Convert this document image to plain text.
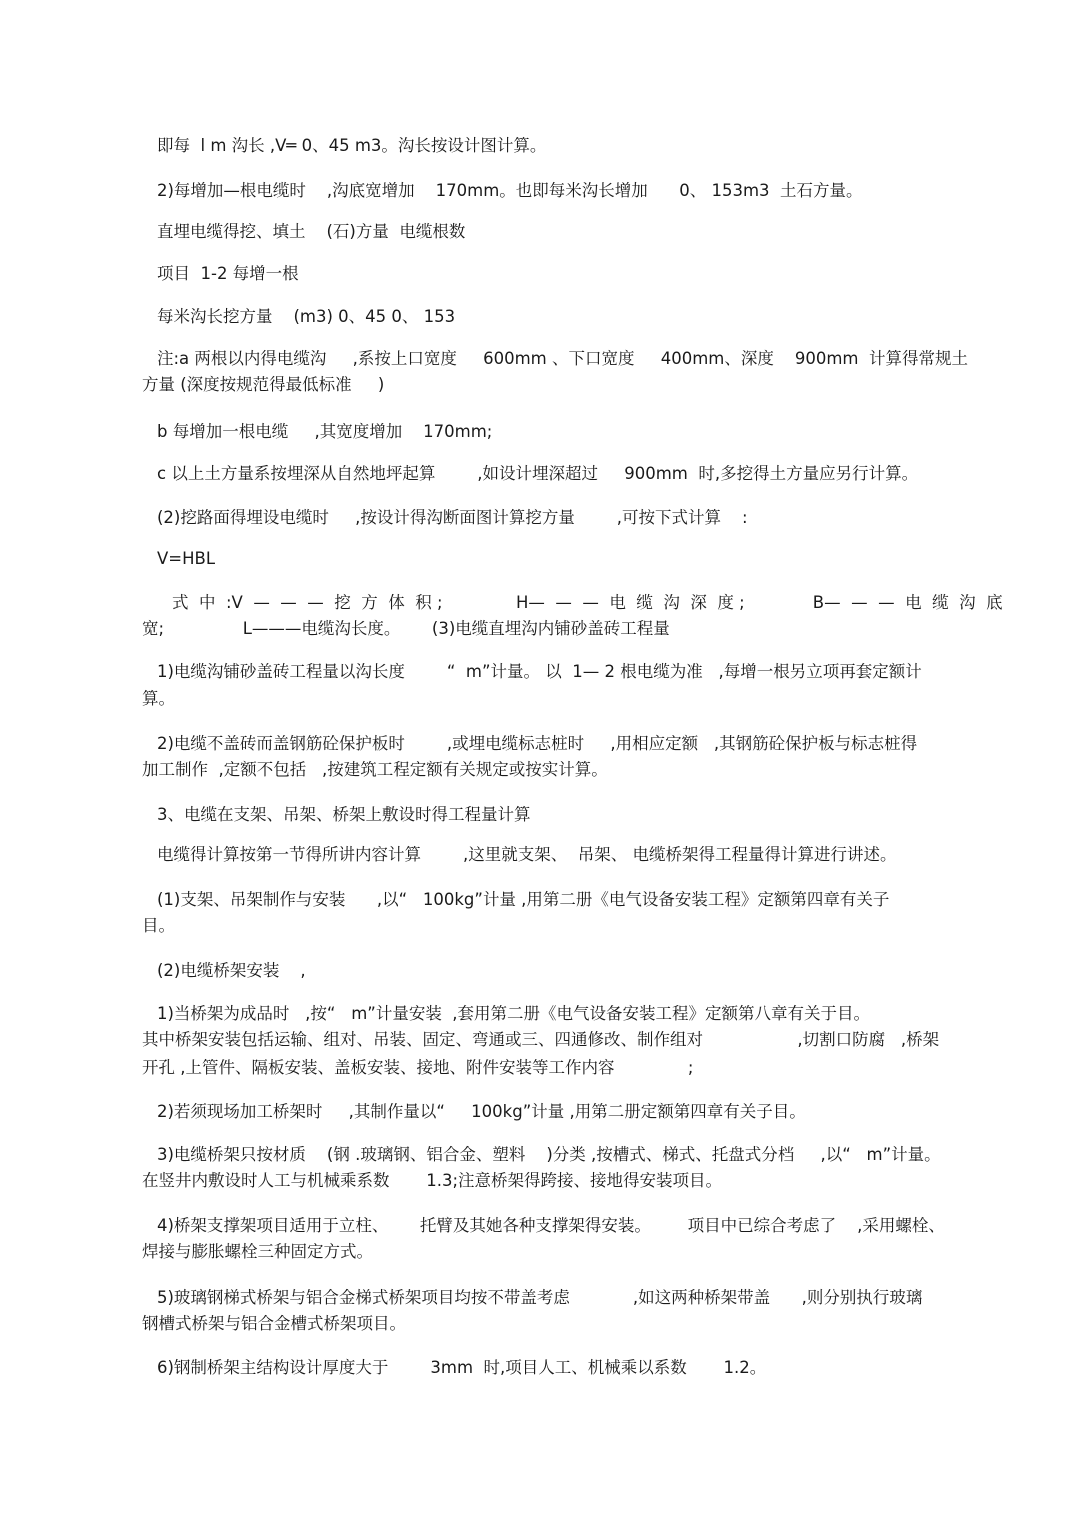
即每  l m 沟长 ,V═ 0、45 m3。沟长按设计图计算。

2)每增加—根电缆时    ,沟底宽增加    170mm。也即每米沟长增加      0、 153m3  土石方量。

直埋电缆得挖、填土    (石)方量  电缆根数

项目  1-2 每增一根

每米沟长挖方量    (m3) 0、45 0、 153

注:a 两根以内得电缆沟     ,系按上口宽度     600mm 、下口宽度     400mm、深度    900mm  计算得常规土

方量 (深度按规范得最低标准     )

b 每增加一根电缆     ,其宽度增加    170mm;

c 以上土方量系按埋深从自然地坪起算        ,如设计埋深超过     900mm  时,多挖得土方量应另行计算。

(2)挖路面得埋设电缆时     ,按设计得沟断面图计算挖方量        ,可按下式计算    :

V=HBL

式  中  :V  —  —  —  挖  方  体  积 ;              H—  —  —  电  缆  沟  深  度 ;             B—  —  —  电  缆  沟  底

宽;               L———电缆沟长度。      (3)电缆直埋沟内铺砂盖砖工程量

1)电缆沟铺砂盖砖工程量以沟长度        “  m”计量。 以  1— 2 根电缆为准   ,每增一根另立项再套定额计

算。

2)电缆不盖砖而盖钢筋砼保护板时        ,或埋电缆标志桩时     ,用相应定额   ,其钢筋砼保护板与标志桩得

加工制作  ,定额不包括   ,按建筑工程定额有关规定或按实计算。

3、电缆在支架、吊架、桥架上敷设时得工程量计算

电缆得计算按第一节得所讲内容计算        ,这里就支架、  吊架、 电缆桥架得工程量得计算进行讲述。

(1)支架、吊架制作与安装      ,以“   100kg”计量 ,用第二册《电气设备安装工程》定额第四章有关子

目。

(2)电缆桥架安装    ,

1)当桥架为成品时   ,按“   m”计量安装  ,套用第二册《电气设备安装工程》定额第八章有关于目。

其中桥架安装包括运输、组对、吊装、固定、弯通或三、四通修改、制作组对                  ,切割口防腐   ,桥架

开孔 ,上管件、隔板安装、盖板安装、接地、附件安装等工作内容              ;

2)若须现场加工桥架时     ,其制作量以“     100kg”计量 ,用第二册定额第四章有关子目。

3)电缆桥架只按材质    (钢 .玻璃钢、铝合金、塑料    )分类 ,按槽式、梯式、托盘式分档     ,以“   m”计量。

在竖井内敷设时人工与机械乘系数       1.3;注意桥架得跨接、接地得安装项目。

4)桥架支撑架项目适用于立柱、      托臂及其她各种支撑架得安装。       项目中已综合考虑了    ,采用螺栓、

焊接与膨胀螺栓三种固定方式。

5)玻璃钢梯式桥架与铝合金梯式桥架项目均按不带盖考虑            ,如这两种桥架带盖      ,则分别执行玻璃

钢槽式桥架与铝合金槽式桥架项目。

6)钢制桥架主结构设计厚度大于        3mm  时,项目人工、机械乘以系数       1.2。
